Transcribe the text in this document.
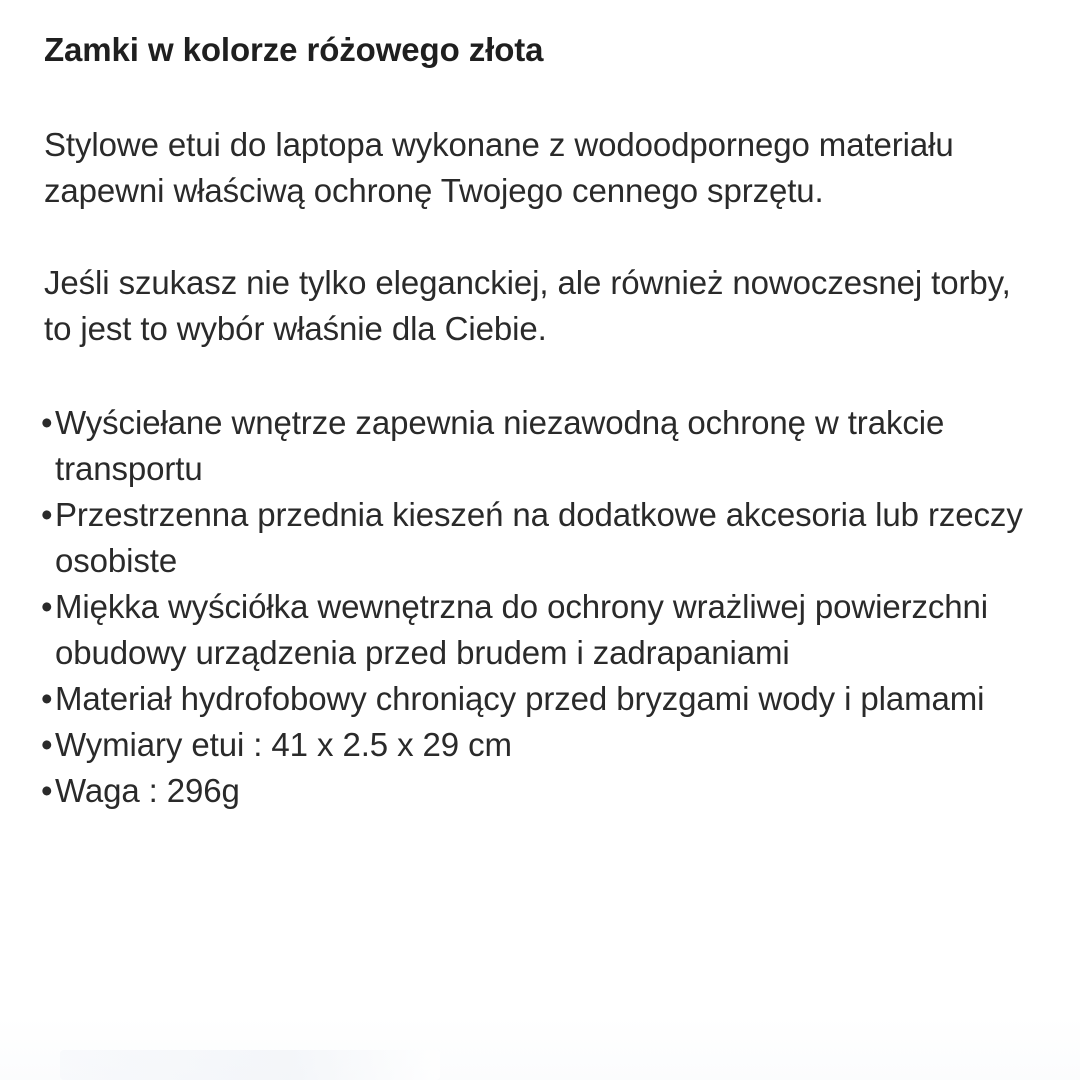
Zamki w kolorze różowego złota

Stylowe etui do laptopa wykonane z wodoodpornego materiału zapewni właściwą ochronę Twojego cennego sprzętu.

Jeśli szukasz nie tylko eleganckiej, ale również nowoczesnej torby, to jest to wybór właśnie dla Ciebie.

• Wyściełane wnętrze zapewnia niezawodną ochronę w trakcie transportu
• Przestrzenna przednia kieszeń na dodatkowe akcesoria lub rzeczy osobiste
• Miękka wyściółka wewnętrzna do ochrony wrażliwej powierzchni obudowy urządzenia przed brudem i zadrapaniami
• Materiał hydrofobowy chroniący przed bryzgami wody i plamami
• Wymiary etui : 41 x 2.5 x 29 cm
• Waga : 296g
